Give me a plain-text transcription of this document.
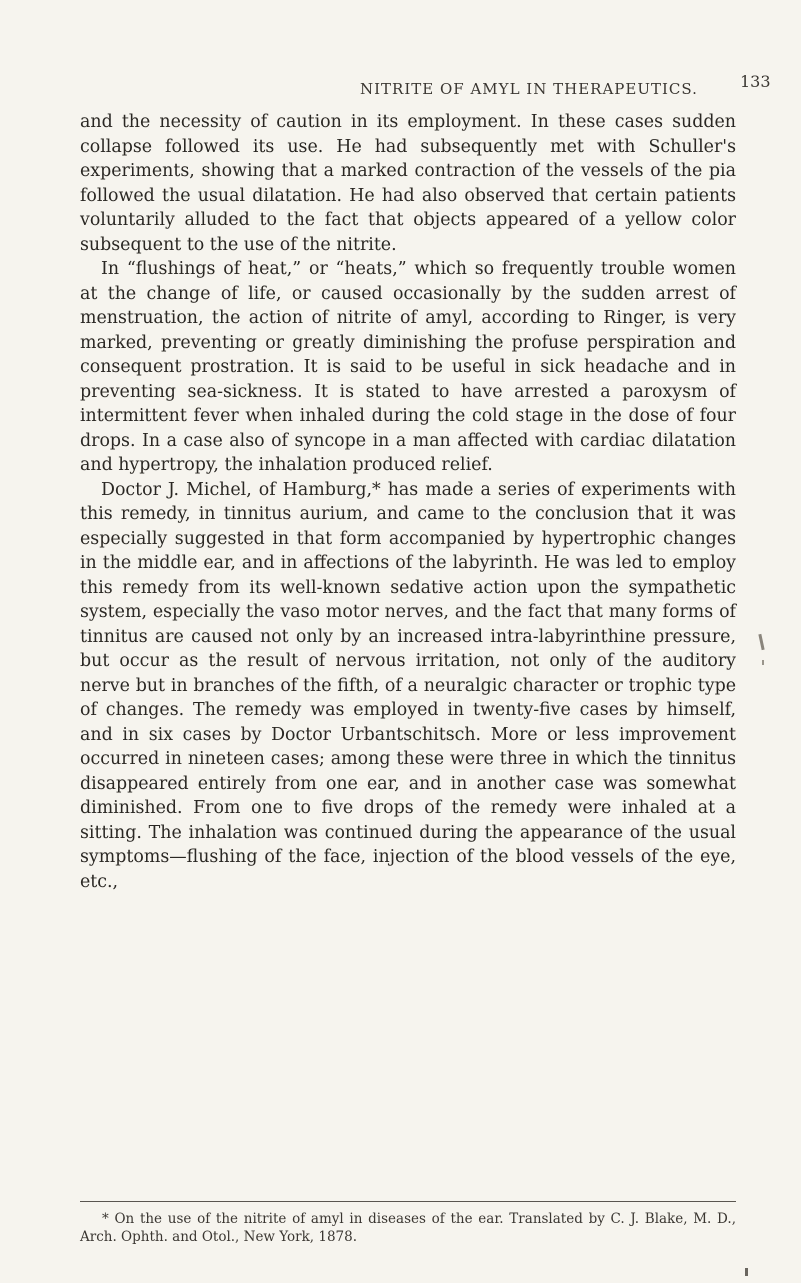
NITRITE OF AMYL IN THERAPEUTICS.	133

and the necessity of caution in its employment. In these cases sudden collapse followed its use. He had subsequently met with Schuller's experiments, showing that a marked contraction of the vessels of the pia followed the usual dilatation. He had also observed that certain patients voluntarily alluded to the fact that objects appeared of a yellow color subsequent to the use of the nitrite.

In “flushings of heat,” or “heats,” which so frequently trouble women at the change of life, or caused occasionally by the sudden arrest of menstruation, the action of nitrite of amyl, according to Ringer, is very marked, preventing or greatly diminishing the profuse perspiration and consequent prostration. It is said to be useful in sick headache and in preventing sea-sickness. It is stated to have arrested a paroxysm of intermittent fever when inhaled during the cold stage in the dose of four drops. In a case also of syncope in a man affected with cardiac dilatation and hypertropy, the inhalation produced relief.

Doctor J. Michel, of Hamburg,* has made a series of experiments with this remedy, in tinnitus aurium, and came to the conclusion that it was especially suggested in that form accompanied by hypertrophic changes in the middle ear, and in affections of the labyrinth. He was led to employ this remedy from its well-known sedative action upon the sympathetic system, especially the vaso motor nerves, and the fact that many forms of tinnitus are caused not only by an increased intra-labyrinthine pressure, but occur as the result of nervous irritation, not only of the auditory nerve but in branches of the fifth, of a neuralgic character or trophic type of changes. The remedy was employed in twenty-five cases by himself, and in six cases by Doctor Urbantschitsch. More or less improvement occurred in nineteen cases; among these were three in which the tinnitus disappeared entirely from one ear, and in another case was somewhat diminished. From one to five drops of the remedy were inhaled at a sitting. The inhalation was continued during the appearance of the usual symptoms—flushing of the face, injection of the blood vessels of the eye, etc.,

* On the use of the nitrite of amyl in diseases of the ear. Translated by C. J. Blake, M. D., Arch. Ophth. and Otol., New York, 1878.
